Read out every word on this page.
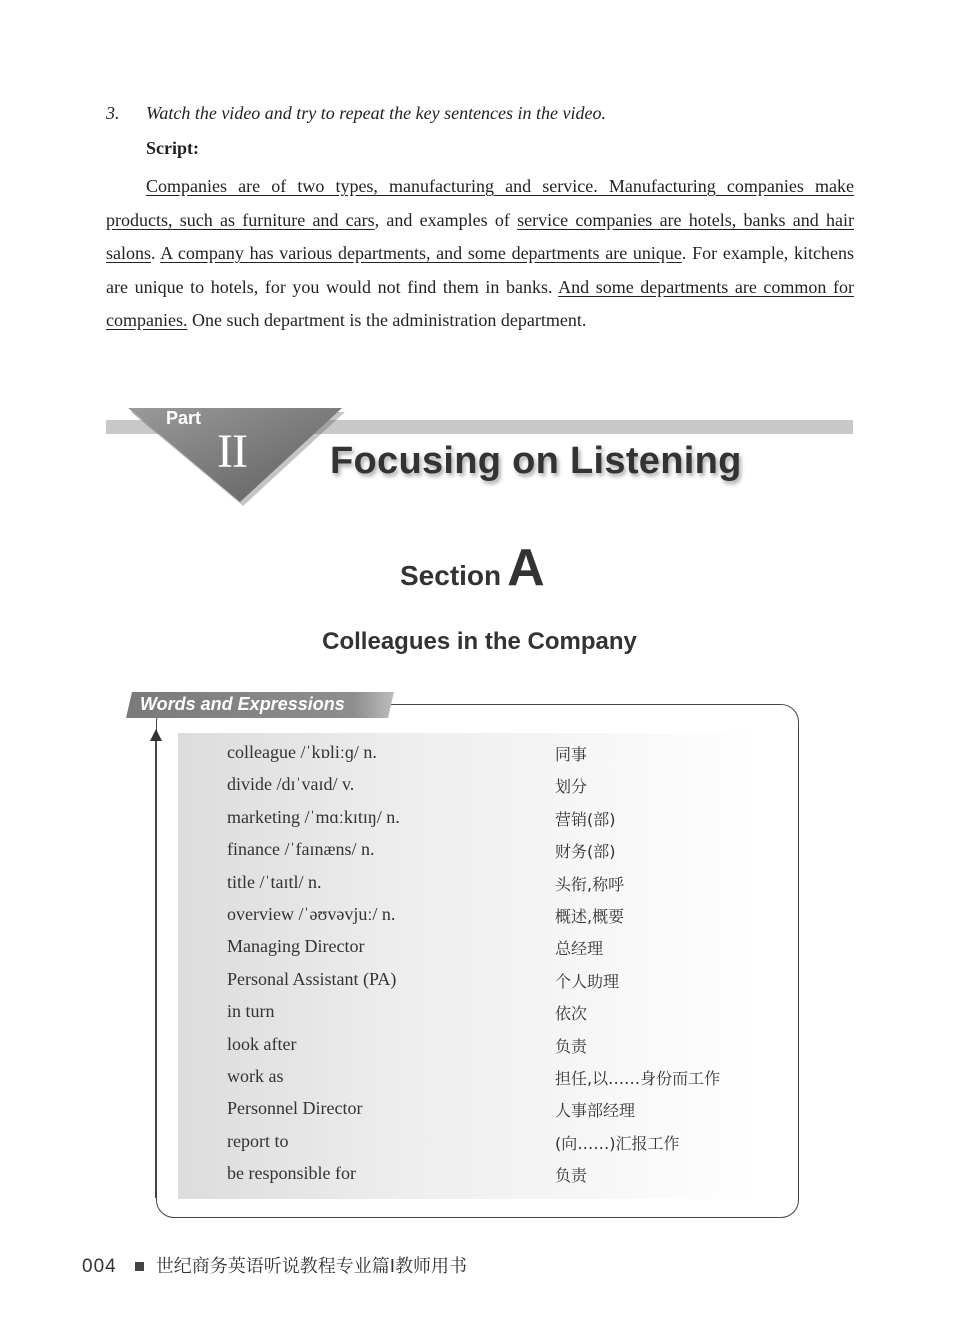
3. Watch the video and try to repeat the key sentences in the video.
Script:
Companies are of two types, manufacturing and service. Manufacturing companies make products, such as furniture and cars, and examples of service companies are hotels, banks and hair salons. A company has various departments, and some departments are unique. For example, kitchens are unique to hotels, for you would not find them in banks. And some departments are common for companies. One such department is the administration department.
Part
II Focusing on Listening
Section A
Colleagues in the Company
Words and Expressions
colleague /ˈkɒliːɡ/ n.	同事
divide /dɪˈvaɪd/ v.	划分
marketing /ˈmɑːkɪtɪŋ/ n.	营销(部)
finance /ˈfaɪnæns/ n.	财务(部)
title /ˈtaɪtl/ n.	头衔,称呼
overview /ˈəʊvəvjuː/ n.	概述,概要
Managing Director	总经理
Personal Assistant (PA)	个人助理
in turn	依次
look after	负责
work as	担任,以……身份而工作
Personnel Director	人事部经理
report to	(向……)汇报工作
be responsible for	负责
004 世纪商务英语听说教程专业篇Ⅰ教师用书
